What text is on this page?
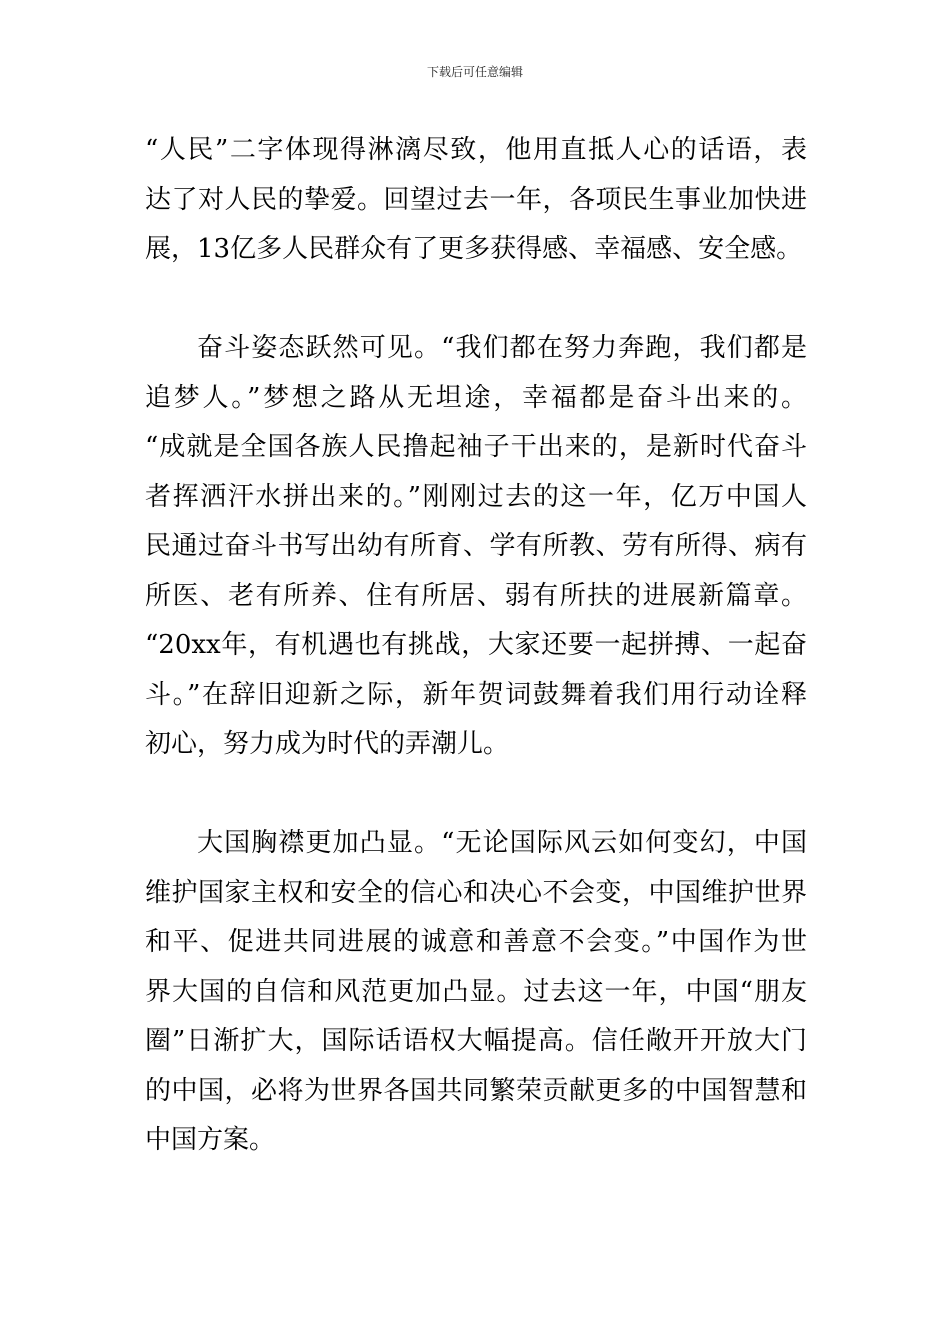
下载后可任意编辑
“人民”二字体现得淋漓尽致，他用直抵人心的话语，表
达了对人民的挚爱。回望过去一年，各项民生事业加快进
展，13亿多人民群众有了更多获得感、幸福感、安全感。
奋斗姿态跃然可见。“我们都在努力奔跑，我们都是
追梦人。”梦想之路从无坦途，幸福都是奋斗出来的。
“成就是全国各族人民撸起袖子干出来的，是新时代奋斗
者挥洒汗水拼出来的。”刚刚过去的这一年，亿万中国人
民通过奋斗书写出幼有所育、学有所教、劳有所得、病有
所医、老有所养、住有所居、弱有所扶的进展新篇章。
“20xx年，有机遇也有挑战，大家还要一起拼搏、一起奋
斗。”在辞旧迎新之际，新年贺词鼓舞着我们用行动诠释
初心，努力成为时代的弄潮儿。
大国胸襟更加凸显。“无论国际风云如何变幻，中国
维护国家主权和安全的信心和决心不会变，中国维护世界
和平、促进共同进展的诚意和善意不会变。”中国作为世
界大国的自信和风范更加凸显。过去这一年，中国“朋友
圈”日渐扩大，国际话语权大幅提高。信任敞开开放大门
的中国，必将为世界各国共同繁荣贡献更多的中国智慧和
中国方案。
